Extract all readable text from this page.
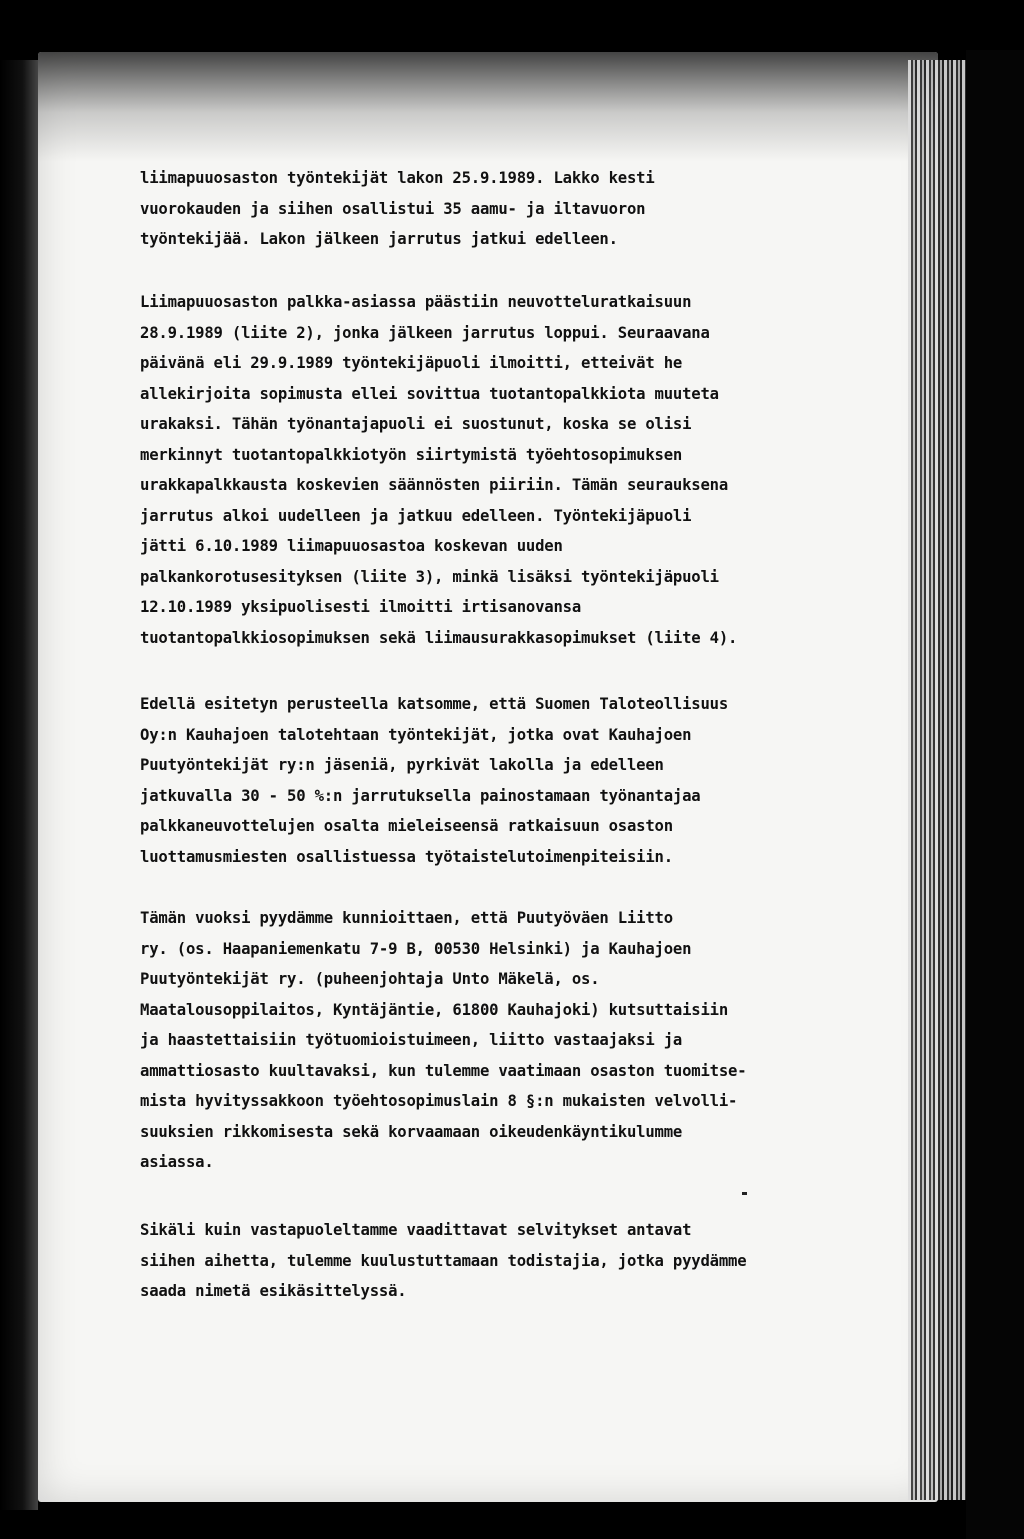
liimapuuosaston työntekijät lakon 25.9.1989. Lakko kesti
vuorokauden ja siihen osallistui 35 aamu- ja iltavuoron
työntekijää. Lakon jälkeen jarrutus jatkui edelleen.
Liimapuuosaston palkka-asiassa päästiin neuvotteluratkaisuun
28.9.1989 (liite 2), jonka jälkeen jarrutus loppui. Seuraavana
päivänä eli 29.9.1989 työntekijäpuoli ilmoitti, etteivät he
allekirjoita sopimusta ellei sovittua tuotantopalkkiota muuteta
urakaksi. Tähän työnantajapuoli ei suostunut, koska se olisi
merkinnyt tuotantopalkkiotyön siirtymistä työehtosopimuksen
urakkapalkkausta koskevien säännösten piiriin. Tämän seurauksena
jarrutus alkoi uudelleen ja jatkuu edelleen. Työntekijäpuoli
jätti 6.10.1989 liimapuuosastoa koskevan uuden
palkankorotusesityksen (liite 3), minkä lisäksi työntekijäpuoli
12.10.1989 yksipuolisesti ilmoitti irtisanovansa
tuotantopalkkiosopimuksen sekä liimausurakkasopimukset (liite 4).
Edellä esitetyn perusteella katsomme, että Suomen Taloteollisuus
Oy:n Kauhajoen talotehtaan työntekijät, jotka ovat Kauhajoen
Puutyöntekijät ry:n jäseniä, pyrkivät lakolla ja edelleen
jatkuvalla 30 - 50 %:n jarrutuksella painostamaan työnantajaa
palkkaneuvottelujen osalta mieleiseensä ratkaisuun osaston
luottamusmiesten osallistuessa työtaistelutoimenpiteisiin.
Tämän vuoksi pyydämme kunnioittaen, että Puutyöväen Liitto
ry. (os. Haapaniemenkatu 7-9 B, 00530 Helsinki) ja Kauhajoen
Puutyöntekijät ry. (puheenjohtaja Unto Mäkelä, os.
Maatalousoppilaitos, Kyntäjäntie, 61800 Kauhajoki) kutsuttaisiin
ja haastettaisiin työtuomioistuimeen, liitto vastaajaksi ja
ammattiosasto kuultavaksi, kun tulemme vaatimaan osaston tuomitse-
mista hyvityssakkoon työehtosopimuslain 8 §:n mukaisten velvolli-
suuksien rikkomisesta sekä korvaamaan oikeudenkäyntikulumme
asiassa.
Sikäli kuin vastapuoleltamme vaadittavat selvitykset antavat
siihen aihetta, tulemme kuulustuttamaan todistajia, jotka pyydämme
saada nimetä esikäsittelyssä.
